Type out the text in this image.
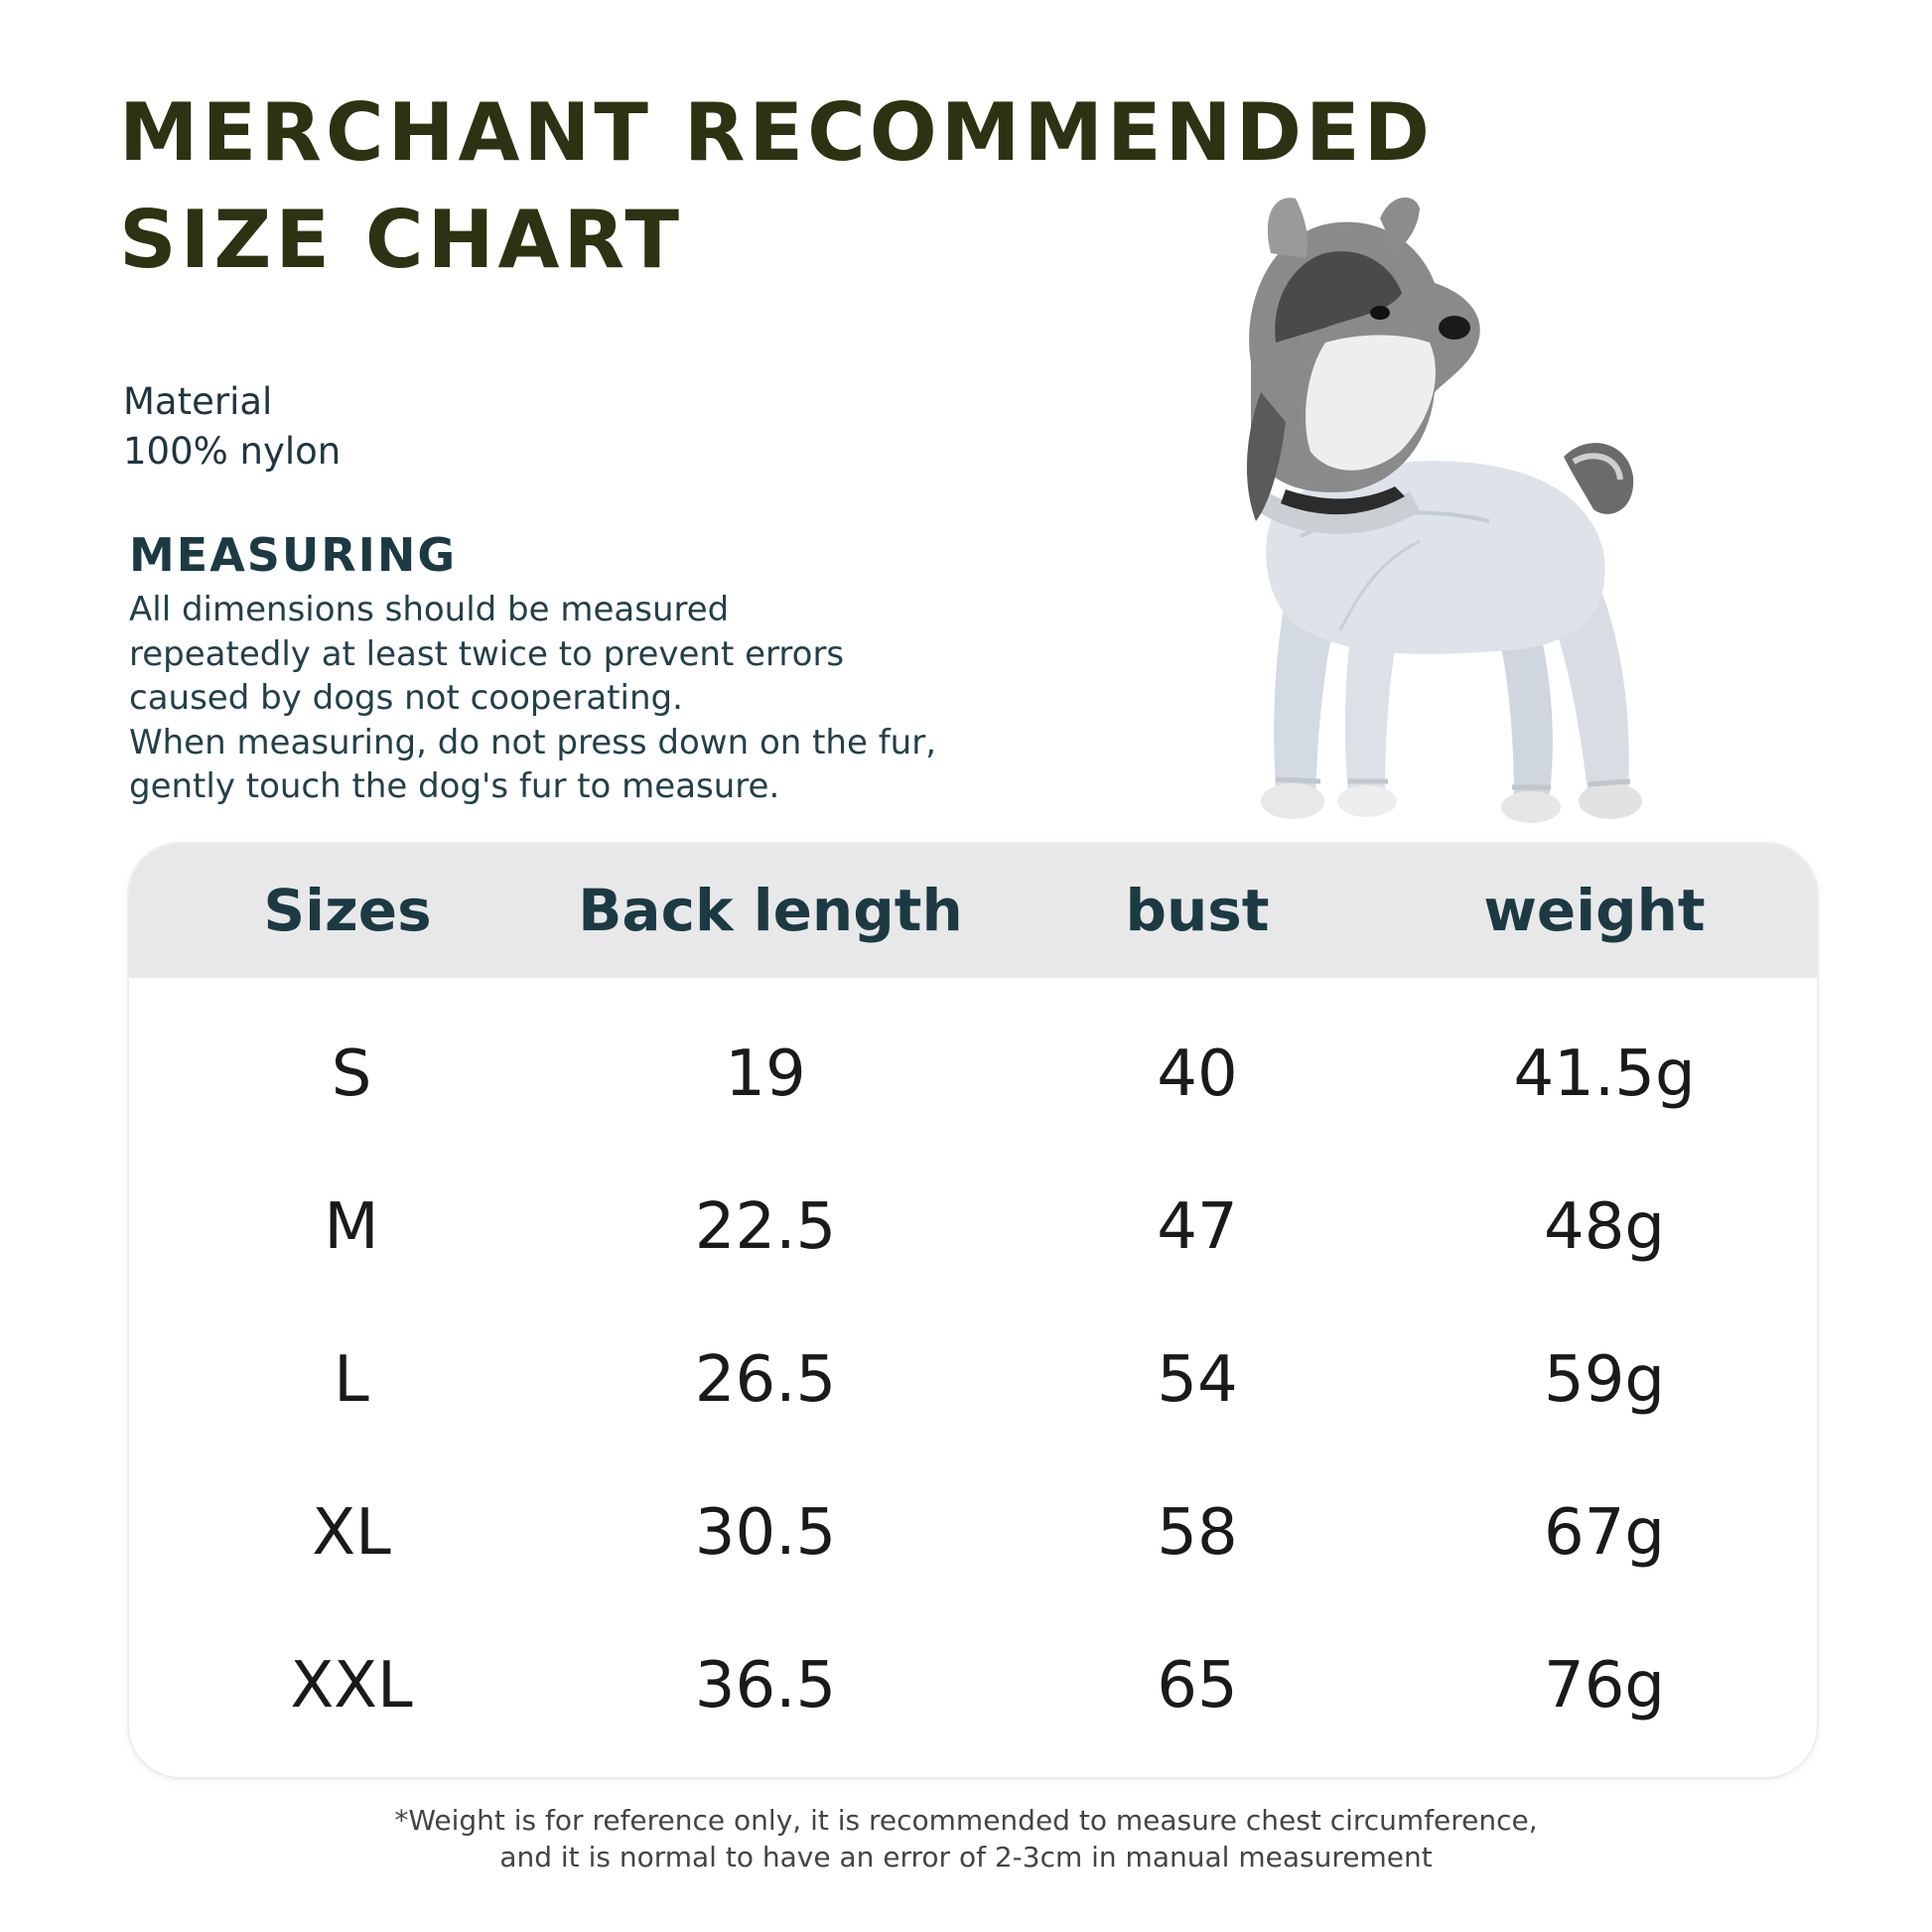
MERCHANT RECOMMENDED
SIZE CHART
Material
100% nylon
MEASURING
All dimensions should be measured
repeatedly at least twice to prevent errors
caused by dogs not cooperating.
When measuring, do not press down on the fur,
gently touch the dog's fur to measure.
Sizes	Back length	bust	weight
S	19	40	41.5g
M	22.5	47	48g
L	26.5	54	59g
XL	30.5	58	67g
XXL	36.5	65	76g
*Weight is for reference only, it is recommended to measure chest circumference,
and it is normal to have an error of 2-3cm in manual measurement
